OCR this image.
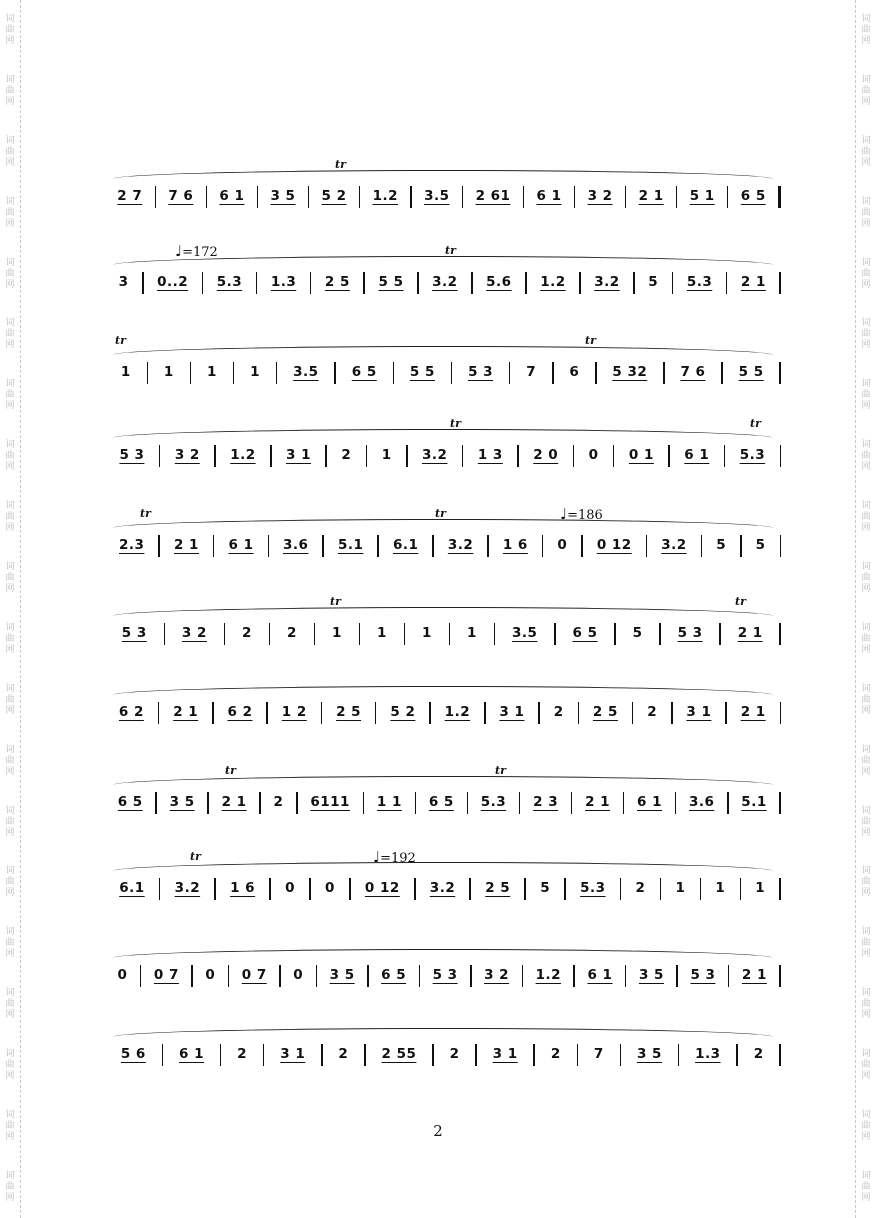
词
曲
网
词
曲
网
词
曲
网
词
曲
网
词
曲
网
词
曲
网
词
曲
网
词
曲
网
词
曲
网
词
曲
网
词
曲
网
词
曲
网
词
曲
网
词
曲
网
词
曲
网
词
曲
网
词
曲
网
词
曲
网
词
曲
网
词
曲
网
词
曲
网
词
曲
网
词
曲
网
词
曲
网
词
曲
网
词
曲
网
词
曲
网
词
曲
网
词
曲
网
词
曲
网
词
曲
网
词
曲
网
词
曲
网
词
曲
网
词
曲
网
词
曲
网
词
曲
网
词
曲
网
词
曲
网
词
曲
网
tr
2 7	7 6	6 1	3 5	5 2	1.2	3.5	2 61	6 1	3 2	2 1	5 1	6 5
♩=172	tr
3	0..2	5.3	1.3	2 5	5 5	3.2	5.6	1.2	3.2	5	5.3	2 1
tr	tr
1	1	1	1	3.5	6 5	5 5	5 3	7	6	5 32	7 6	5 5
tr	tr
5 3	3 2	1.2	3 1	2	1	3.2	1 3	2 0	0	0 1	6 1	5.3
♩=186
tr	tr
2.3	2 1	6 1	3.6	5.1	6.1	3.2	1 6	0	0 12	3.2	5	5
tr	tr
5 3	3 2	2	2	1	1	1	1	3.5	6 5	5	5 3	2 1
6 2	2 1	6 2	1 2	2 5	5 2	1.2	3 1	2	2 5	2	3 1	2 1
tr
tr
6 5	3 5	2 1	2	6111	1 1	6 5	5.3	2 3	2 1	6 1	3.6	5.1
♩=192
tr
6.1	3.2	1 6	0	0	0 12	3.2	2 5	5	5.3	2	1	1	1
0	0 7	0	0 7	0	3 5	6 5	5 3	3 2	1.2	6 1	3 5	5 3	2 1
5 6	6 1	2	3 1	2	2 55	2	3 1	2	7	3 5	1.3	2
2
